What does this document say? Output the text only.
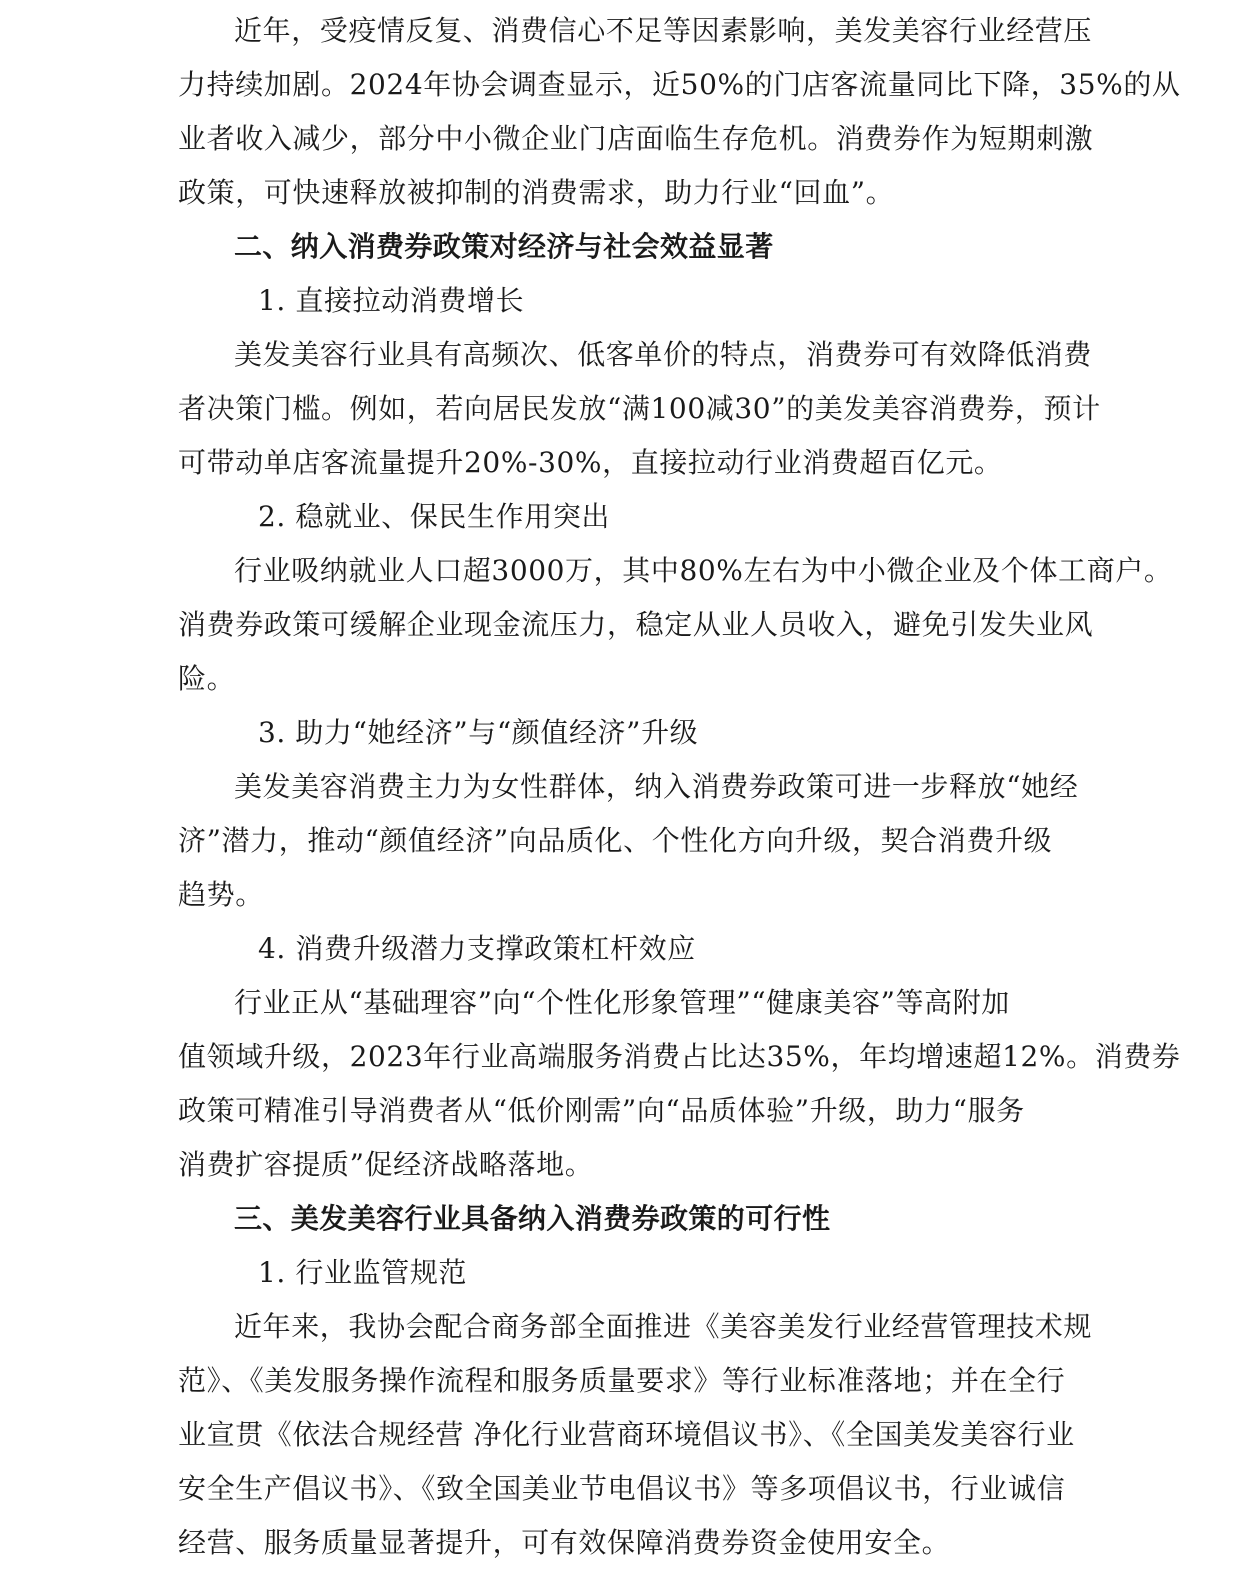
近年，受疫情反复、消费信心不足等因素影响，美发美容行业经营压
力持续加剧。2024年协会调查显示，近50%的门店客流量同比下降，35%的从
业者收入减少，部分中小微企业门店面临生存危机。消费券作为短期刺激
政策，可快速释放被抑制的消费需求，助力行业“回血”。
二、纳入消费券政策对经济与社会效益显著
1. 直接拉动消费增长
美发美容行业具有高频次、低客单价的特点，消费券可有效降低消费
者决策门槛。例如，若向居民发放“满100减30”的美发美容消费券，预计
可带动单店客流量提升20%-30%，直接拉动行业消费超百亿元。
2. 稳就业、保民生作用突出
行业吸纳就业人口超3000万，其中80%左右为中小微企业及个体工商户。
消费券政策可缓解企业现金流压力，稳定从业人员收入，避免引发失业风
险。
3. 助力“她经济”与“颜值经济”升级
美发美容消费主力为女性群体，纳入消费券政策可进一步释放“她经
济”潜力，推动“颜值经济”向品质化、个性化方向升级，契合消费升级
趋势。
4. 消费升级潜力支撑政策杠杆效应
行业正从“基础理容”向“个性化形象管理”“健康美容”等高附加
值领域升级，2023年行业高端服务消费占比达35%，年均增速超12%。消费券
政策可精准引导消费者从“低价刚需”向“品质体验”升级，助力“服务
消费扩容提质”促经济战略落地。
三、美发美容行业具备纳入消费券政策的可行性
1. 行业监管规范
近年来，我协会配合商务部全面推进《美容美发行业经营管理技术规
范》、《美发服务操作流程和服务质量要求》等行业标准落地；并在全行
业宣贯《依法合规经营 净化行业营商环境倡议书》、《全国美发美容行业
安全生产倡议书》、《致全国美业节电倡议书》等多项倡议书，行业诚信
经营、服务质量显著提升，可有效保障消费券资金使用安全。
